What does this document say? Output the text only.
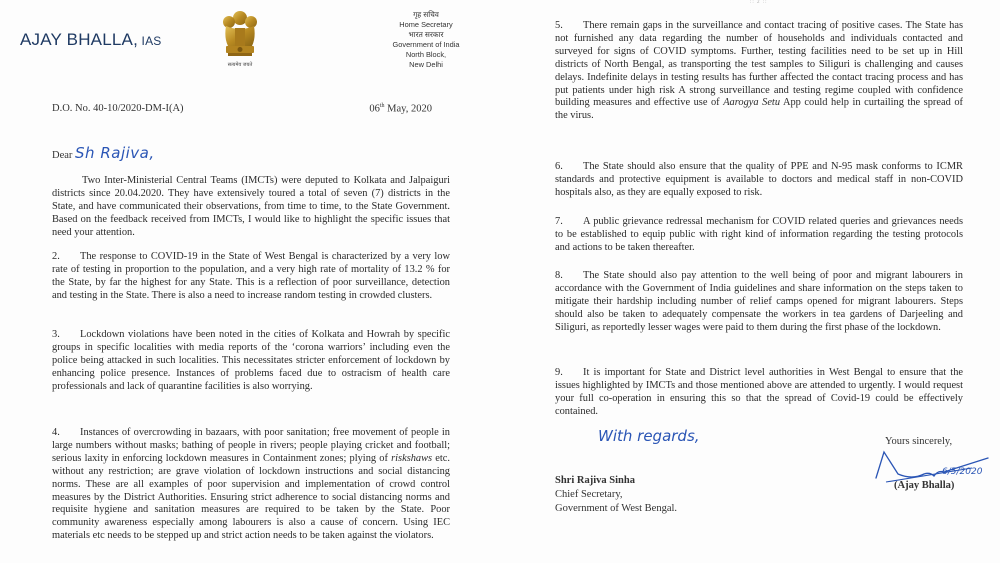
AJAY BHALLA, IAS
सत्यमेव जयते
गृह सचिव
Home Secretary
भारत सरकार
Government of India
North Block,
New Delhi
D.O. No. 40-10/2020-DM-I(A)	06th May, 2020
Dear Sh Rajiva,

Two Inter-Ministerial Central Teams (IMCTs) were deputed to Kolkata and Jalpaiguri districts since 20.04.2020. They have extensively toured a total of seven (7) districts in the State, and have communicated their observations, from time to time, to the State Government. Based on the feedback received from IMCTs, I would like to highlight the specific issues that need your attention.

2. The response to COVID-19 in the State of West Bengal is characterized by a very low rate of testing in proportion to the population, and a very high rate of mortality of 13.2 % for the State, by far the highest for any State. This is a reflection of poor surveillance, detection and testing in the State. There is also a need to increase random testing in crowded clusters.

3. Lockdown violations have been noted in the cities of Kolkata and Howrah by specific groups in specific localities with media reports of the ‘corona warriors’ including even the police being attacked in such localities. This necessitates stricter enforcement of lockdown by enhancing police presence. Instances of problems faced due to ostracism of health care professionals and lack of quarantine facilities is also worrying.

4. Instances of overcrowding in bazaars, with poor sanitation; free movement of people in large numbers without masks; bathing of people in rivers; people playing cricket and football; serious laxity in enforcing lockdown measures in Containment zones; plying of riskshaws etc. without any restriction; are grave violation of lockdown instructions and social distancing norms. These are all examples of poor supervision and implementation of crowd control measures by the District Authorities. Ensuring strict adherence to social distancing norms and requisite hygiene and sanitation measures are required to be taken by the State. Poor community awareness especially among labourers is also a cause of concern. Using IEC materials etc needs to be stepped up and strict action needs to be taken against the violators.

:: 2 ::

5. There remain gaps in the surveillance and contact tracing of positive cases. The State has not furnished any data regarding the number of households and individuals contacted and surveyed for signs of COVID symptoms. Further, testing facilities need to be set up in Hill districts of North Bengal, as transporting the test samples to Siliguri is challenging and causes delays. Indefinite delays in testing results has further affected the contact tracing process and has put patients under high risk A strong surveillance and testing regime coupled with confidence building measures and effective use of Aarogya Setu App could help in curtailing the spread of the virus.

6. The State should also ensure that the quality of PPE and N-95 mask conforms to ICMR standards and protective equipment is available to doctors and medical staff in non-COVID hospitals also, as they are equally exposed to risk.

7. A public grievance redressal mechanism for COVID related queries and grievances needs to be established to equip public with right kind of information regarding the testing protocols and actions to be taken thereafter.

8. The State should also pay attention to the well being of poor and migrant labourers in accordance with the Government of India guidelines and share information on the steps taken to mitigate their hardship including number of relief camps opened for migrant labourers. Steps should also be taken to adequately compensate the workers in tea gardens of Darjeeling and Siliguri, as reportedly lesser wages were paid to them during the first phase of the lockdown.

9. It is important for State and District level authorities in West Bengal to ensure that the issues highlighted by IMCTs and those mentioned above are attended to urgently. I would request your full co-operation in ensuring this so that the spread of Covid-19 could be effectively contained.

With regards,	Yours sincerely,
6/5/2020
(Ajay Bhalla)
Shri Rajiva Sinha
Chief Secretary,
Government of West Bengal.
